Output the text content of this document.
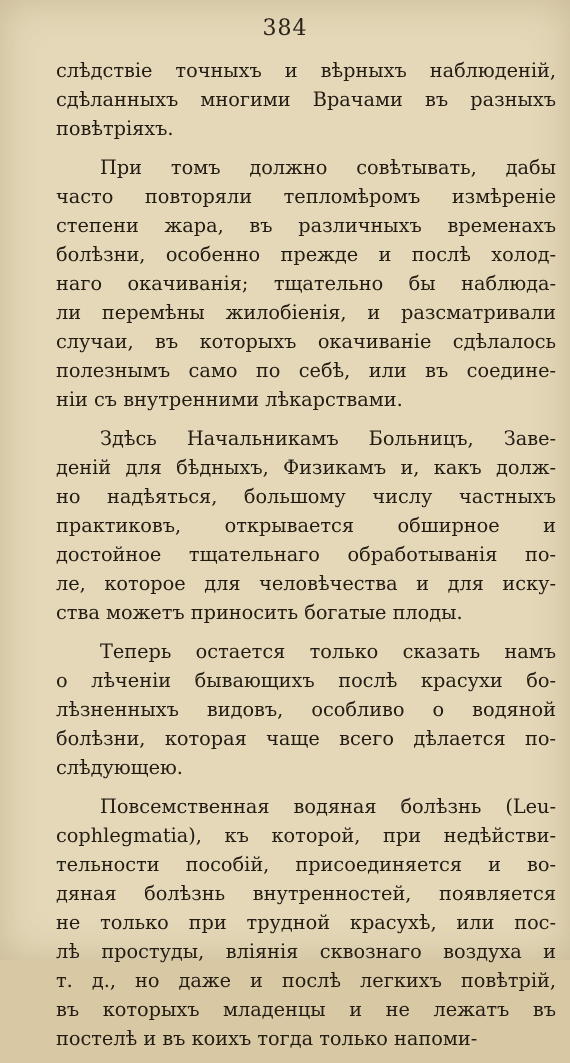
384
слѣдствіе точныхъ и вѣрныхъ наблюденій,
сдѣланныхъ многими Врачами въ разныхъ
повѣтріяхъ.
При томъ должно совѣтывать, дабы
часто повторяли тепломѣромъ измѣреніе
степени жара, въ различныхъ временахъ
болѣзни, особенно прежде и послѣ холод-
наго окачиванія; тщательно бы наблюда-
ли перемѣны жилобіенія, и разсматривали
случаи, въ которыхъ окачиваніе сдѣлалось
полезнымъ само по себѣ, или въ соедине-
ніи съ внутренними лѣкарствами.
Здѣсь Начальникамъ Больницъ, Заве-
деній для бѣдныхъ, Физикамъ и, какъ долж-
но надѣяться, большому числу частныхъ
практиковъ, открывается обширное и
достойное тщательнаго обработыванія по-
ле, которое для человѣчества и для иску-
ства можетъ приносить богатые плоды.
Теперь остается только сказать намъ
о лѣченіи бывающихъ послѣ красухи бо-
лѣзненныхъ видовъ, особливо о водяной
болѣзни, которая чаще всего дѣлается по-
слѣдующею.
Повсемственная водяная болѣзнь (Leu-
cophlegmatia), къ которой, при недѣйстви-
тельности пособій, присоединяется и во-
дяная болѣзнь внутренностей, появляется
не только при трудной красухѣ, или пос-
лѣ простуды, вліянія сквознаго воздуха и
т. д., но даже и послѣ легкихъ повѣтрій,
въ которыхъ младенцы и не лежатъ въ
постелѣ и въ коихъ тогда только напоми-
